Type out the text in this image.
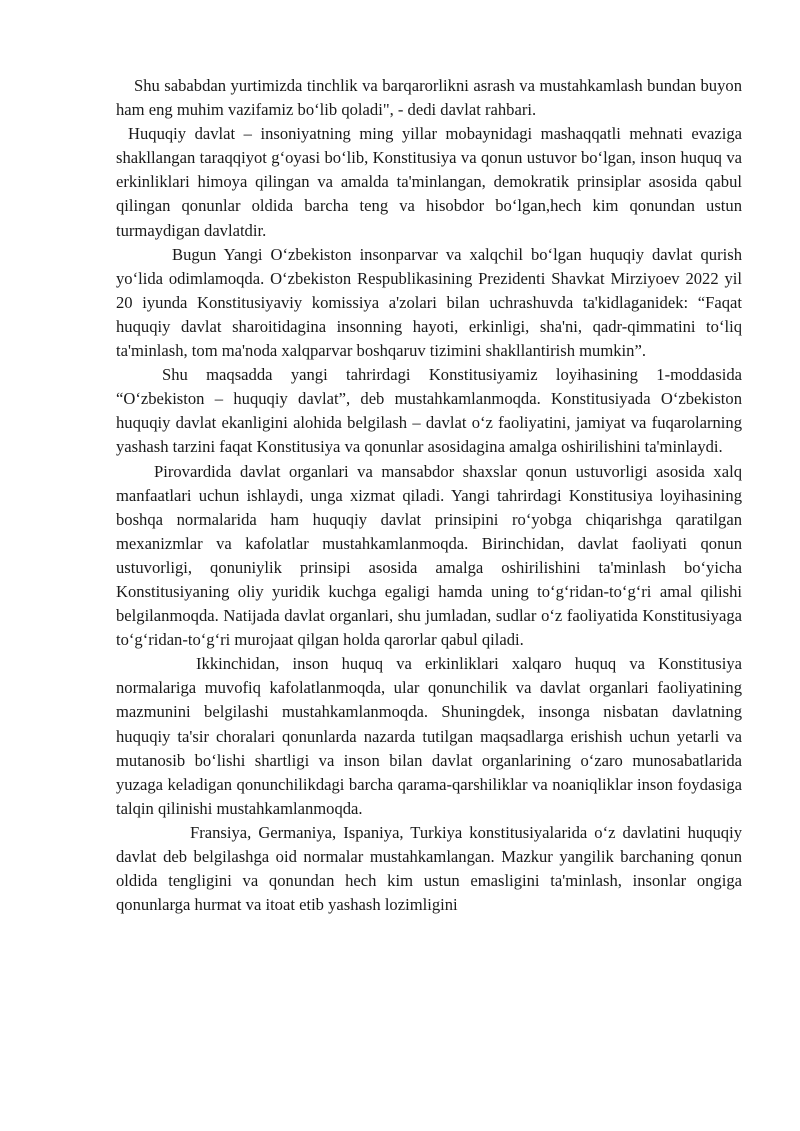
Shu sababdan yurtimizda tinchlik va barqarorlikni asrash va mustahkamlash bundan buyon ham eng muhim vazifamiz bo‘lib qoladi", - dedi davlat rahbari.

Huquqiy davlat – insoniyatning ming yillar mobaynidagi mashaqqatli mehnati evaziga shakllangan taraqqiyot g‘oyasi bo‘lib, Konstitusiya va qonun ustuvor bo‘lgan, inson huquq va erkinliklari himoya qilingan va amalda ta'minlangan, demokratik prinsiplar asosida qabul qilingan qonunlar oldida barcha teng va hisobdor bo‘lgan,hech kim qonundan ustun turmaydigan davlatdir.

Bugun Yangi O‘zbekiston insonparvar va xalqchil bo‘lgan huquqiy davlat qurish yo‘lida odimlamoqda. O‘zbekiston Respublikasining Prezidenti Shavkat Mirziyoev 2022 yil 20 iyunda Konstitusiyaviy komissiya a'zolari bilan uchrashuvda ta'kidlaganidek: “Faqat huquqiy davlat sharoitidagina insonning hayoti, erkinligi, sha'ni, qadr-qimmatini to‘liq ta'minlash, tom ma'noda xalqparvar boshqaruv tizimini shakllantirish mumkin”.

Shu maqsadda yangi tahrirdagi Konstitusiyamiz loyihasining 1-moddasida “O‘zbekiston – huquqiy davlat”, deb mustahkamlanmoqda. Konstitusiyada O‘zbekiston huquqiy davlat ekanligini alohida belgilash – davlat o‘z faoliyatini, jamiyat va fuqarolarning yashash tarzini faqat Konstitusiya va qonunlar asosidagina amalga oshirilishini ta'minlaydi.

Pirovardida davlat organlari va mansabdor shaxslar qonun ustuvorligi asosida xalq manfaatlari uchun ishlaydi, unga xizmat qiladi. Yangi tahrirdagi Konstitusiya loyihasining boshqa normalarida ham huquqiy davlat prinsipini ro‘yobga chiqarishga qaratilgan mexanizmlar va kafolatlar mustahkamlanmoqda. Birinchidan, davlat faoliyati qonun ustuvorligi, qonuniylik prinsipi asosida amalga oshirilishini ta'minlash bo‘yicha Konstitusiyaning oliy yuridik kuchga egaligi hamda uning to‘g‘ridan-to‘g‘ri amal qilishi belgilanmoqda. Natijada davlat organlari, shu jumladan, sudlar o‘z faoliyatida Konstitusiyaga to‘g‘ridan-to‘g‘ri murojaat qilgan holda qarorlar qabul qiladi.

Ikkinchidan, inson huquq va erkinliklari xalqaro huquq va Konstitusiya normalariga muvofiq kafolatlanmoqda, ular qonunchilik va davlat organlari faoliyatining mazmunini belgilashi mustahkamlanmoqda. Shuningdek, insonga nisbatan davlatning huquqiy ta'sir choralari qonunlarda nazarda tutilgan maqsadlarga erishish uchun yetarli va mutanosib bo‘lishi shartligi va inson bilan davlat organlarining o‘zaro munosabatlarida yuzaga keladigan qonunchilikdagi barcha qarama-qarshiliklar va noaniqliklar inson foydasiga talqin qilinishi mustahkamlanmoqda.

Fransiya, Germaniya, Ispaniya, Turkiya konstitusiyalarida o‘z davlatini huquqiy davlat deb belgilashga oid normalar mustahkamlangan. Mazkur yangilik barchaning qonun oldida tengligini va qonundan hech kim ustun emasligini ta'minlash, insonlar ongiga qonunlarga hurmat va itoat etib yashash lozimligini
